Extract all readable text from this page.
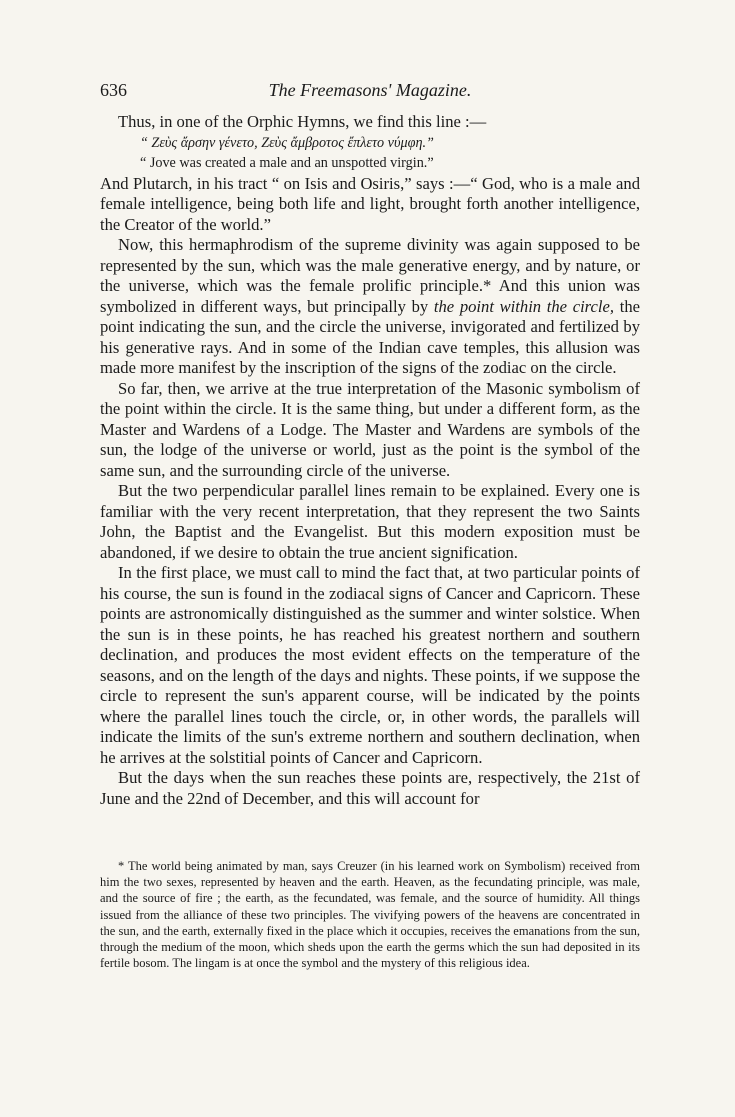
636	The Freemasons' Magazine.

Thus, in one of the Orphic Hymns, we find this line :—

“ Ζεὺς ἄρσην γένετο, Ζεὺς ἄμβροτος ἔπλετο νύμφη.”
“ Jove was created a male and an unspotted virgin.”

And Plutarch, in his tract “ on Isis and Osiris,” says :—“ God, who is a male and female intelligence, being both life and light, brought forth another intelligence, the Creator of the world.”

Now, this hermaphrodism of the supreme divinity was again supposed to be represented by the sun, which was the male generative energy, and by nature, or the universe, which was the female prolific principle.* And this union was symbolized in different ways, but principally by the point within the circle, the point indicating the sun, and the circle the universe, invigorated and fertilized by his generative rays. And in some of the Indian cave temples, this allusion was made more manifest by the inscription of the signs of the zodiac on the circle.

So far, then, we arrive at the true interpretation of the Masonic symbolism of the point within the circle. It is the same thing, but under a different form, as the Master and Wardens of a Lodge. The Master and Wardens are symbols of the sun, the lodge of the universe or world, just as the point is the symbol of the same sun, and the surrounding circle of the universe.

But the two perpendicular parallel lines remain to be explained. Every one is familiar with the very recent interpretation, that they represent the two Saints John, the Baptist and the Evangelist. But this modern exposition must be abandoned, if we desire to obtain the true ancient signification.

In the first place, we must call to mind the fact that, at two particular points of his course, the sun is found in the zodiacal signs of Cancer and Capricorn. These points are astronomically distinguished as the summer and winter solstice. When the sun is in these points, he has reached his greatest northern and southern declination, and produces the most evident effects on the temperature of the seasons, and on the length of the days and nights. These points, if we suppose the circle to represent the sun's apparent course, will be indicated by the points where the parallel lines touch the circle, or, in other words, the parallels will indicate the limits of the sun's extreme northern and southern declination, when he arrives at the solstitial points of Cancer and Capricorn.

But the days when the sun reaches these points are, respectively, the 21st of June and the 22nd of December, and this will account for

* The world being animated by man, says Creuzer (in his learned work on Symbolism) received from him the two sexes, represented by heaven and the earth. Heaven, as the fecundating principle, was male, and the source of fire ; the earth, as the fecundated, was female, and the source of humidity. All things issued from the alliance of these two principles. The vivifying powers of the heavens are concentrated in the sun, and the earth, externally fixed in the place which it occupies, receives the emanations from the sun, through the medium of the moon, which sheds upon the earth the germs which the sun had deposited in its fertile bosom. The lingam is at once the symbol and the mystery of this religious idea.
